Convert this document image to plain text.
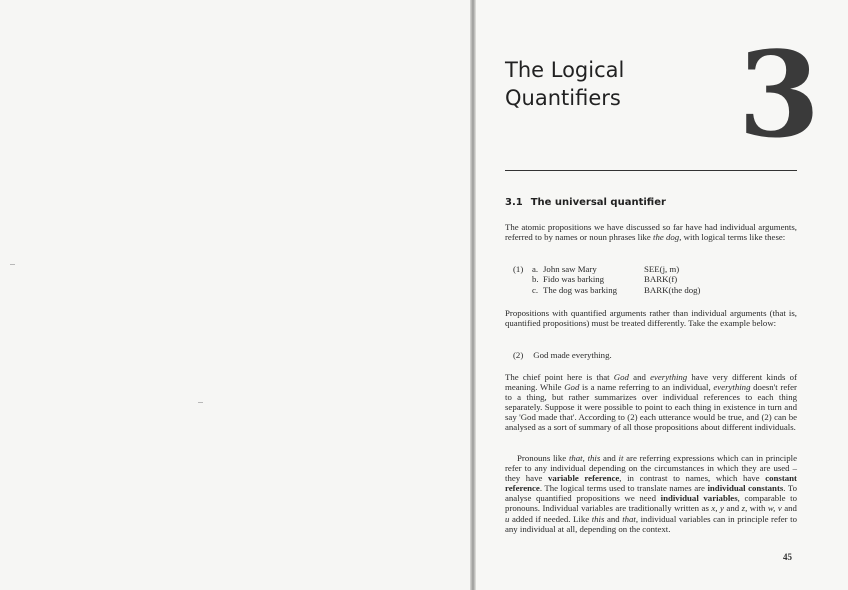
The Logical
Quantifiers 3
3.1 The universal quantifier

The atomic propositions we have discussed so far have had individual arguments, referred to by names or noun phrases like the dog, with logical terms like these:

(1) a. John saw Mary	SEE(j, m)
b. Fido was barking	BARK(f)
c. The dog was barking	BARK(the dog)

Propositions with quantified arguments rather than individual arguments (that is, quantified propositions) must be treated differently. Take the example below:

(2) God made everything.

The chief point here is that God and everything have very different kinds of meaning. While God is a name referring to an individual, everything doesn't refer to a thing, but rather summarizes over individual references to each thing separately. Suppose it were possible to point to each thing in existence in turn and say 'God made that'. According to (2) each utterance would be true, and (2) can be analysed as a sort of summary of all those propositions about different individuals.

Pronouns like that, this and it are referring expressions which can in principle refer to any individual depending on the circumstances in which they are used – they have variable reference, in contrast to names, which have constant reference. The logical terms used to translate names are individual constants. To analyse quantified propositions we need individual variables, comparable to pronouns. Individual variables are traditionally written as x, y and z, with w, v and u added if needed. Like this and that, individual variables can in principle refer to any individual at all, depending on the context.

45
